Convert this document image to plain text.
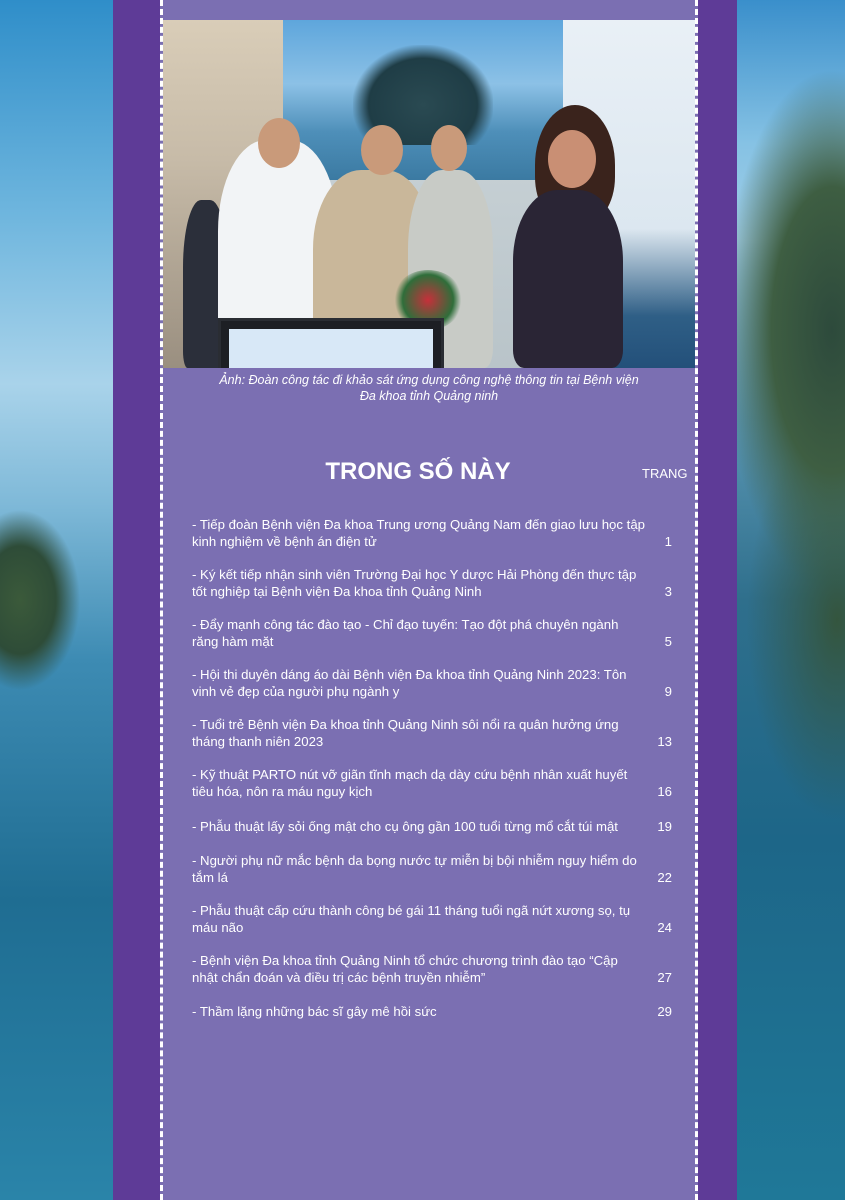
Ảnh: Đoàn công tác đi khảo sát ứng dụng công nghệ thông tin tại Bệnh viện
Đa khoa tỉnh Quảng ninh
TRONG SỐ NÀY	TRANG
- Tiếp đoàn Bệnh viện Đa khoa Trung ương Quảng Nam đến giao lưu học tập kinh nghiệm về bệnh án điện tử	1
- Ký kết tiếp nhận sinh viên Trường Đại học Y dược Hải Phòng đến thực tập tốt nghiệp tại Bệnh viện Đa khoa tỉnh Quảng Ninh	3
- Đẩy mạnh công tác đào tạo - Chỉ đạo tuyến: Tạo đột phá chuyên ngành răng hàm mặt	5
- Hội thi duyên dáng áo dài Bệnh viện Đa khoa tỉnh Quảng Ninh 2023: Tôn vinh vẻ đẹp của người phụ ngành y	9
- Tuổi trẻ Bệnh viện Đa khoa tỉnh Quảng Ninh sôi nổi ra quân hưởng ứng tháng thanh niên 2023	13
- Kỹ thuật PARTO nút vỡ giãn tĩnh mạch dạ dày cứu bệnh nhân xuất huyết tiêu hóa, nôn ra máu nguy kịch	16
- Phẫu thuật lấy sỏi ống mật cho cụ ông gần 100 tuổi từng mổ cắt túi mật	19
- Người phụ nữ mắc bệnh da bọng nước tự miễn bị bội nhiễm nguy hiểm do tắm lá	22
- Phẫu thuật cấp cứu thành công bé gái 11 tháng tuổi ngã nứt xương sọ, tụ máu não	24
- Bệnh viện Đa khoa tỉnh Quảng Ninh tổ chức chương trình đào tạo “Cập nhật chẩn đoán và điều trị các bệnh truyền nhiễm”	27
- Thầm lặng những bác sĩ gây mê hồi sức	29
